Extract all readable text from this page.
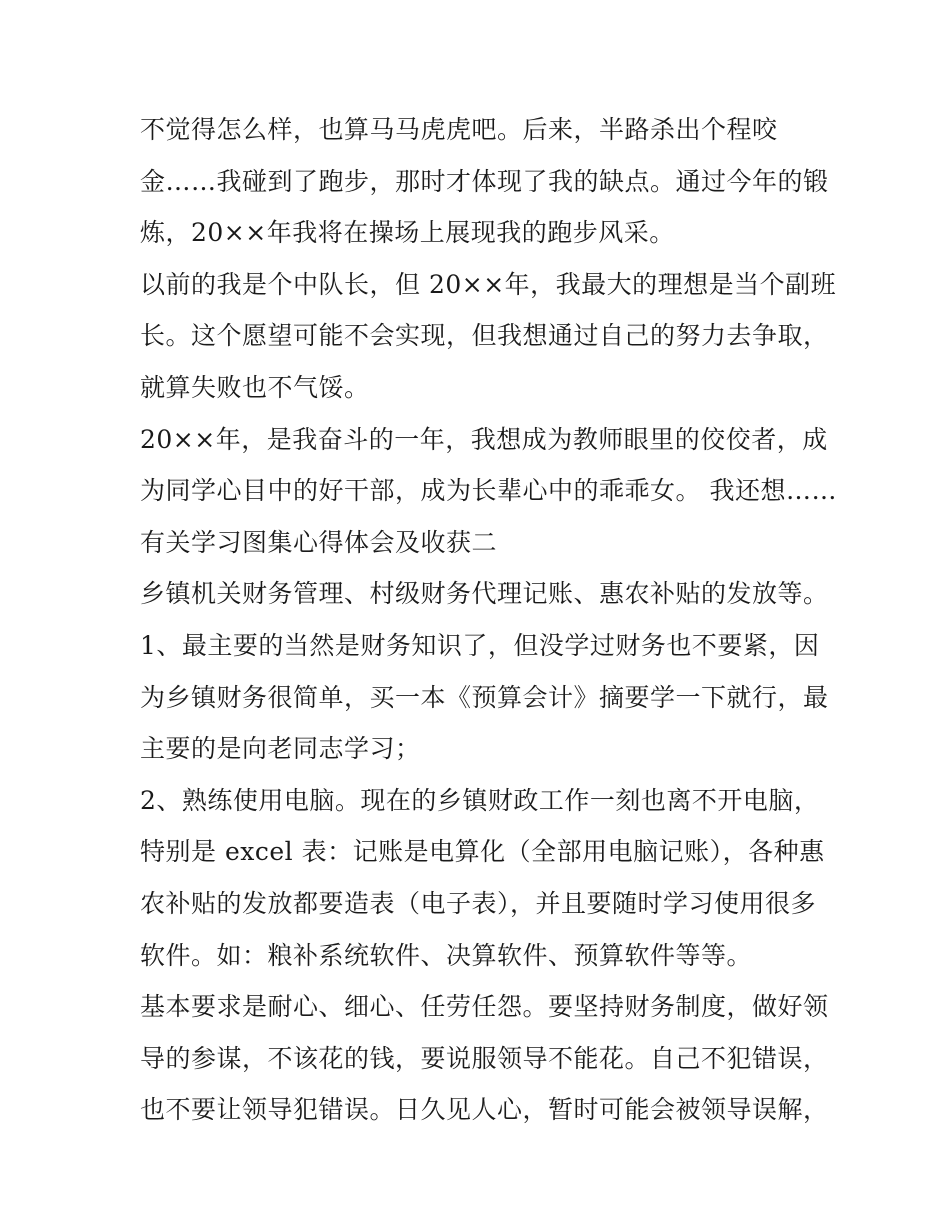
不觉得怎么样，也算马马虎虎吧。后来，半路杀出个程咬
金……我碰到了跑步，那时才体现了我的缺点。通过今年的锻
炼，20××年我将在操场上展现我的跑步风采。
以前的我是个中队长，但 20××年，我最大的理想是当个副班
长。这个愿望可能不会实现，但我想通过自己的努力去争取，
就算失败也不气馁。
20××年，是我奋斗的一年，我想成为教师眼里的佼佼者，成
为同学心目中的好干部，成为长辈心中的乖乖女。 我还想……
有关学习图集心得体会及收获二
乡镇机关财务管理、村级财务代理记账、惠农补贴的发放等。
1、最主要的当然是财务知识了，但没学过财务也不要紧，因
为乡镇财务很简单，买一本《预算会计》摘要学一下就行，最
主要的是向老同志学习；
2、熟练使用电脑。现在的乡镇财政工作一刻也离不开电脑，
特别是 excel 表：记账是电算化（全部用电脑记账），各种惠
农补贴的发放都要造表（电子表），并且要随时学习使用很多
软件。如：粮补系统软件、决算软件、预算软件等等。
基本要求是耐心、细心、任劳任怨。要坚持财务制度，做好领
导的参谋，不该花的钱，要说服领导不能花。自己不犯错误，
也不要让领导犯错误。日久见人心，暂时可能会被领导误解，
